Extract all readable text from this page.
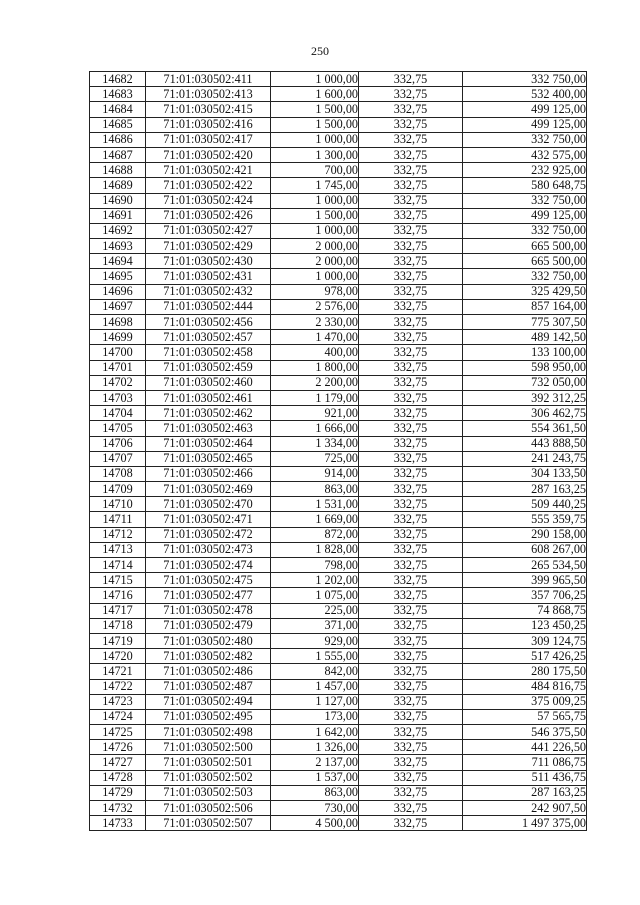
250
14682	71:01:030502:411	1 000,00	332,75	332 750,00
14683	71:01:030502:413	1 600,00	332,75	532 400,00
14684	71:01:030502:415	1 500,00	332,75	499 125,00
14685	71:01:030502:416	1 500,00	332,75	499 125,00
14686	71:01:030502:417	1 000,00	332,75	332 750,00
14687	71:01:030502:420	1 300,00	332,75	432 575,00
14688	71:01:030502:421	700,00	332,75	232 925,00
14689	71:01:030502:422	1 745,00	332,75	580 648,75
14690	71:01:030502:424	1 000,00	332,75	332 750,00
14691	71:01:030502:426	1 500,00	332,75	499 125,00
14692	71:01:030502:427	1 000,00	332,75	332 750,00
14693	71:01:030502:429	2 000,00	332,75	665 500,00
14694	71:01:030502:430	2 000,00	332,75	665 500,00
14695	71:01:030502:431	1 000,00	332,75	332 750,00
14696	71:01:030502:432	978,00	332,75	325 429,50
14697	71:01:030502:444	2 576,00	332,75	857 164,00
14698	71:01:030502:456	2 330,00	332,75	775 307,50
14699	71:01:030502:457	1 470,00	332,75	489 142,50
14700	71:01:030502:458	400,00	332,75	133 100,00
14701	71:01:030502:459	1 800,00	332,75	598 950,00
14702	71:01:030502:460	2 200,00	332,75	732 050,00
14703	71:01:030502:461	1 179,00	332,75	392 312,25
14704	71:01:030502:462	921,00	332,75	306 462,75
14705	71:01:030502:463	1 666,00	332,75	554 361,50
14706	71:01:030502:464	1 334,00	332,75	443 888,50
14707	71:01:030502:465	725,00	332,75	241 243,75
14708	71:01:030502:466	914,00	332,75	304 133,50
14709	71:01:030502:469	863,00	332,75	287 163,25
14710	71:01:030502:470	1 531,00	332,75	509 440,25
14711	71:01:030502:471	1 669,00	332,75	555 359,75
14712	71:01:030502:472	872,00	332,75	290 158,00
14713	71:01:030502:473	1 828,00	332,75	608 267,00
14714	71:01:030502:474	798,00	332,75	265 534,50
14715	71:01:030502:475	1 202,00	332,75	399 965,50
14716	71:01:030502:477	1 075,00	332,75	357 706,25
14717	71:01:030502:478	225,00	332,75	74 868,75
14718	71:01:030502:479	371,00	332,75	123 450,25
14719	71:01:030502:480	929,00	332,75	309 124,75
14720	71:01:030502:482	1 555,00	332,75	517 426,25
14721	71:01:030502:486	842,00	332,75	280 175,50
14722	71:01:030502:487	1 457,00	332,75	484 816,75
14723	71:01:030502:494	1 127,00	332,75	375 009,25
14724	71:01:030502:495	173,00	332,75	57 565,75
14725	71:01:030502:498	1 642,00	332,75	546 375,50
14726	71:01:030502:500	1 326,00	332,75	441 226,50
14727	71:01:030502:501	2 137,00	332,75	711 086,75
14728	71:01:030502:502	1 537,00	332,75	511 436,75
14729	71:01:030502:503	863,00	332,75	287 163,25
14732	71:01:030502:506	730,00	332,75	242 907,50
14733	71:01:030502:507	4 500,00	332,75	1 497 375,00
